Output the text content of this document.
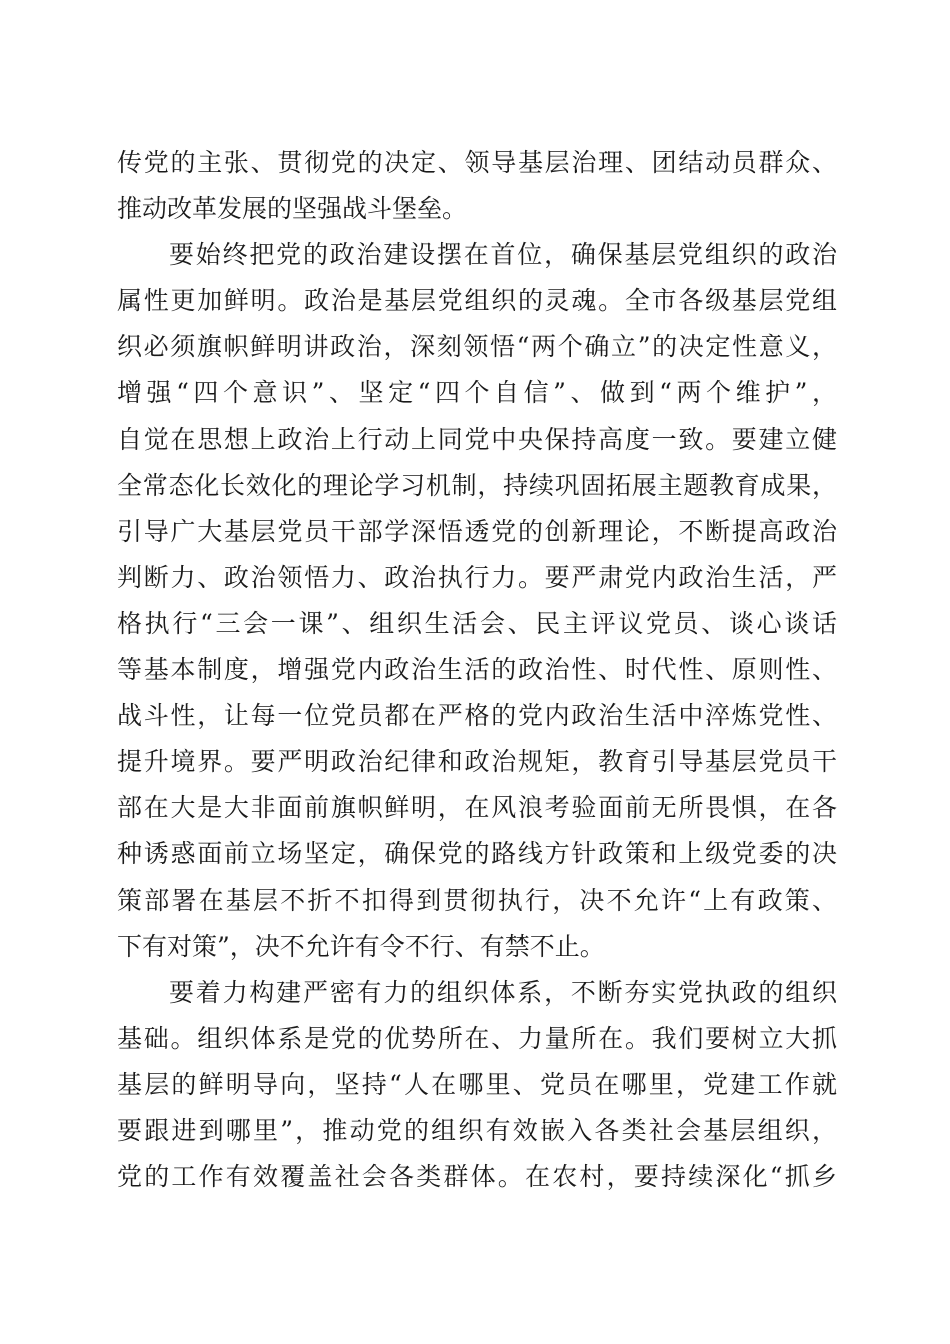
传党的主张、贯彻党的决定、领导基层治理、团结动员群众、
推动改革发展的坚强战斗堡垒。
要始终把党的政治建设摆在首位，确保基层党组织的政治
属性更加鲜明。政治是基层党组织的灵魂。全市各级基层党组
织必须旗帜鲜明讲政治，深刻领悟“两个确立”的决定性意义，
增强“四个意识”、坚定“四个自信”、做到“两个维护”，
自觉在思想上政治上行动上同党中央保持高度一致。要建立健
全常态化长效化的理论学习机制，持续巩固拓展主题教育成果，
引导广大基层党员干部学深悟透党的创新理论，不断提高政治
判断力、政治领悟力、政治执行力。要严肃党内政治生活，严
格执行“三会一课”、组织生活会、民主评议党员、谈心谈话
等基本制度，增强党内政治生活的政治性、时代性、原则性、
战斗性，让每一位党员都在严格的党内政治生活中淬炼党性、
提升境界。要严明政治纪律和政治规矩，教育引导基层党员干
部在大是大非面前旗帜鲜明，在风浪考验面前无所畏惧，在各
种诱惑面前立场坚定，确保党的路线方针政策和上级党委的决
策部署在基层不折不扣得到贯彻执行，决不允许“上有政策、
下有对策”，决不允许有令不行、有禁不止。
要着力构建严密有力的组织体系，不断夯实党执政的组织
基础。组织体系是党的优势所在、力量所在。我们要树立大抓
基层的鲜明导向，坚持“人在哪里、党员在哪里，党建工作就
要跟进到哪里”，推动党的组织有效嵌入各类社会基层组织，
党的工作有效覆盖社会各类群体。在农村，要持续深化“抓乡
